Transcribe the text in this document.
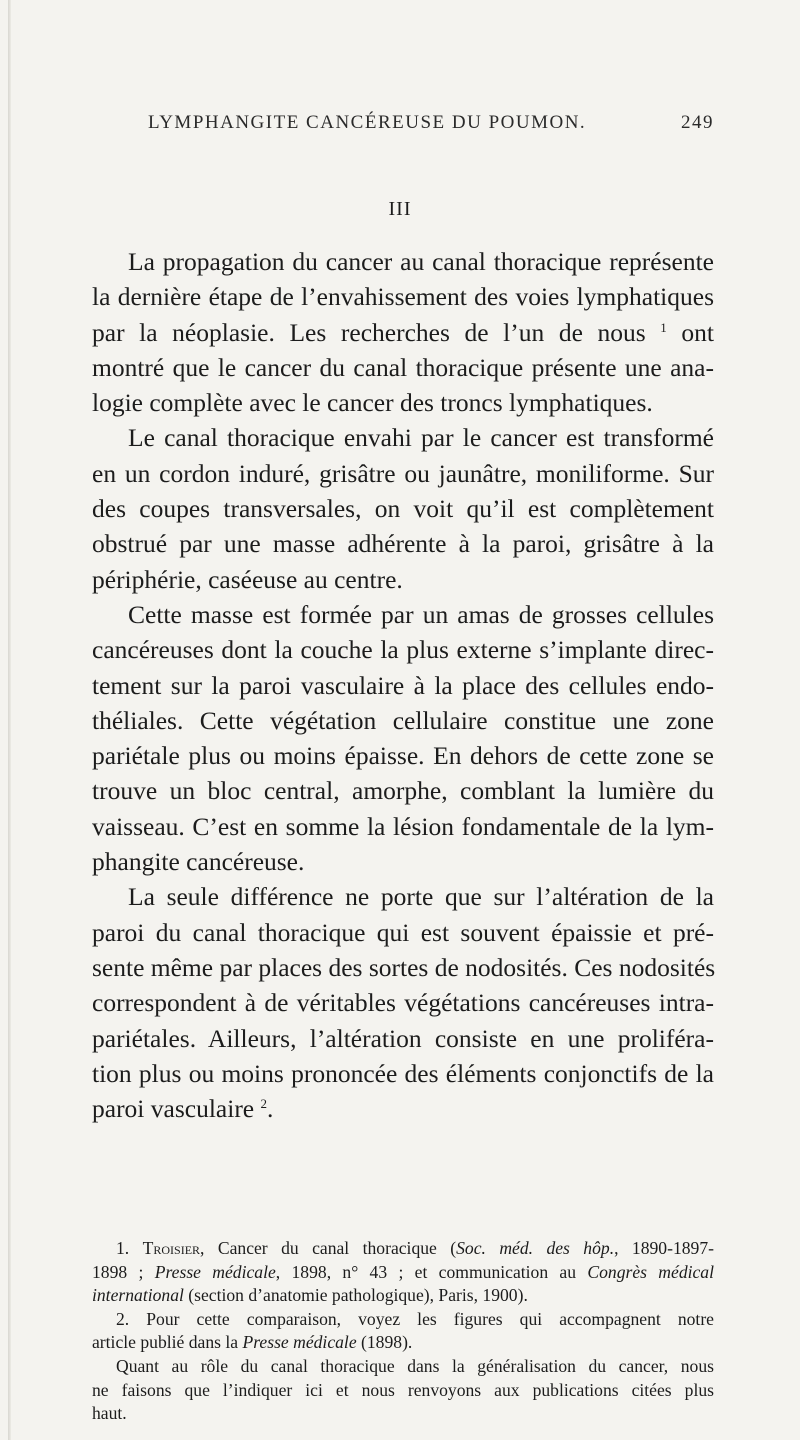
LYMPHANGITE CANCÉREUSE DU POUMON.	249
III
La propagation du cancer au canal thoracique représente
la dernière étape de l’envahissement des voies lymphatiques
par la néoplasie. Les recherches de l’un de nous $^1$ ont
montré que le cancer du canal thoracique présente une ana-
logie complète avec le cancer des troncs lymphatiques.
Le canal thoracique envahi par le cancer est transformé
en un cordon induré, grisâtre ou jaunâtre, moniliforme. Sur
des coupes transversales, on voit qu’il est complètement
obstrué par une masse adhérente à la paroi, grisâtre à la
périphérie, caséeuse au centre.
Cette masse est formée par un amas de grosses cellules
cancéreuses dont la couche la plus externe s’implante direc-
tement sur la paroi vasculaire à la place des cellules endo-
théliales. Cette végétation cellulaire constitue une zone
pariétale plus ou moins épaisse. En dehors de cette zone se
trouve un bloc central, amorphe, comblant la lumière du
vaisseau. C’est en somme la lésion fondamentale de la lym-
phangite cancéreuse.
La seule différence ne porte que sur l’altération de la
paroi du canal thoracique qui est souvent épaissie et pré-
sente même par places des sortes de nodosités. Ces nodosités
correspondent à de véritables végétations cancéreuses intra-
pariétales. Ailleurs, l’altération consiste en une proliféra-
tion plus ou moins prononcée des éléments conjonctifs de la
paroi vasculaire $^2$.
1. Troisier, Cancer du canal thoracique (Soc. méd. des hôp., 1890-1897-
1898 ; Presse médicale, 1898, n° 43 ; et communication au Congrès médical
international (section d’anatomie pathologique), Paris, 1900).
2. Pour cette comparaison, voyez les figures qui accompagnent notre
article publié dans la Presse médicale (1898).
Quant au rôle du canal thoracique dans la généralisation du cancer, nous
ne faisons que l’indiquer ici et nous renvoyons aux publications citées plus
haut.
